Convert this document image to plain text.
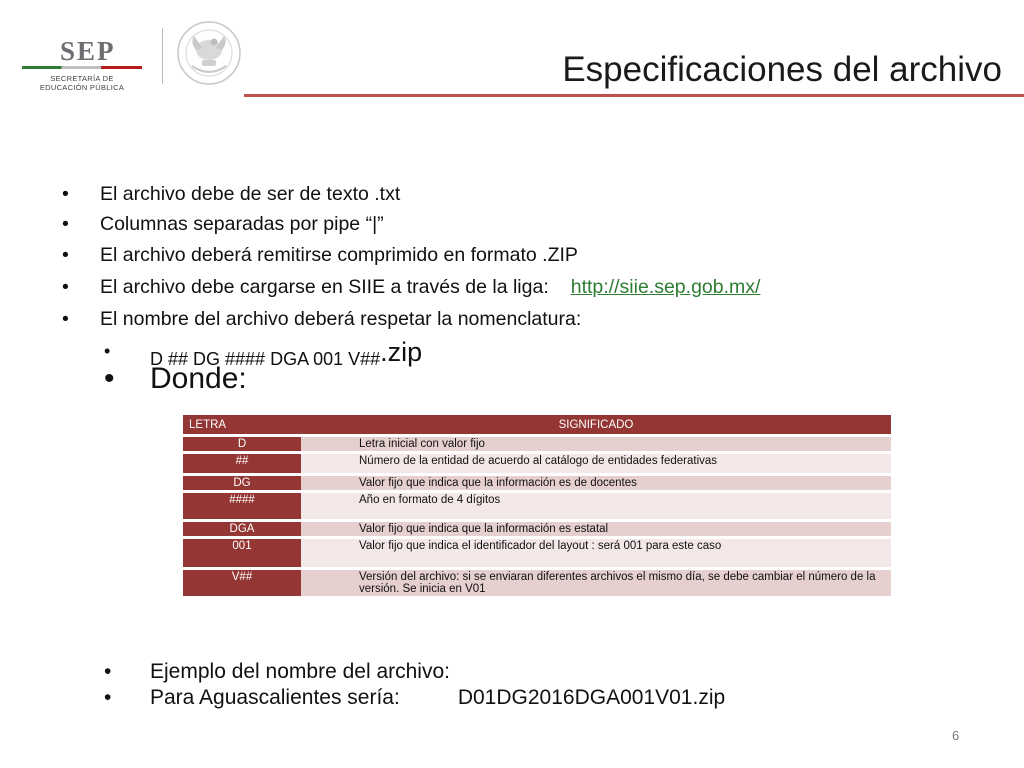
SEP
SECRETARÍA DE
EDUCACIÓN PÚBLICA	Especificaciones del archivo
• El archivo debe de ser de texto .txt
• Columnas separadas por pipe “|”
• El archivo deberá remitirse comprimido en formato .ZIP
• El archivo debe cargarse en SIIE a través de la liga: http://siie.sep.gob.mx/
• El nombre del archivo deberá respetar la nomenclatura:
• D ## DG #### DGA 001 V##.zip
• Donde:
LETRA	SIGNIFICADO
D	Letra inicial con valor fijo
##	Número de la entidad de acuerdo al catálogo de entidades federativas
DG	Valor fijo que indica que la información es de docentes
####	Año en formato de 4 dígitos
DGA	Valor fijo que indica que la información es estatal
001	Valor fijo que indica el identificador del layout : será 001 para este caso
V##	Versión del archivo: si se enviaran diferentes archivos el mismo día, se debe cambiar el número de la versión. Se inicia en V01
• Ejemplo del nombre del archivo:
• Para Aguascalientes sería:	D01DG2016DGA001V01.zip
6
